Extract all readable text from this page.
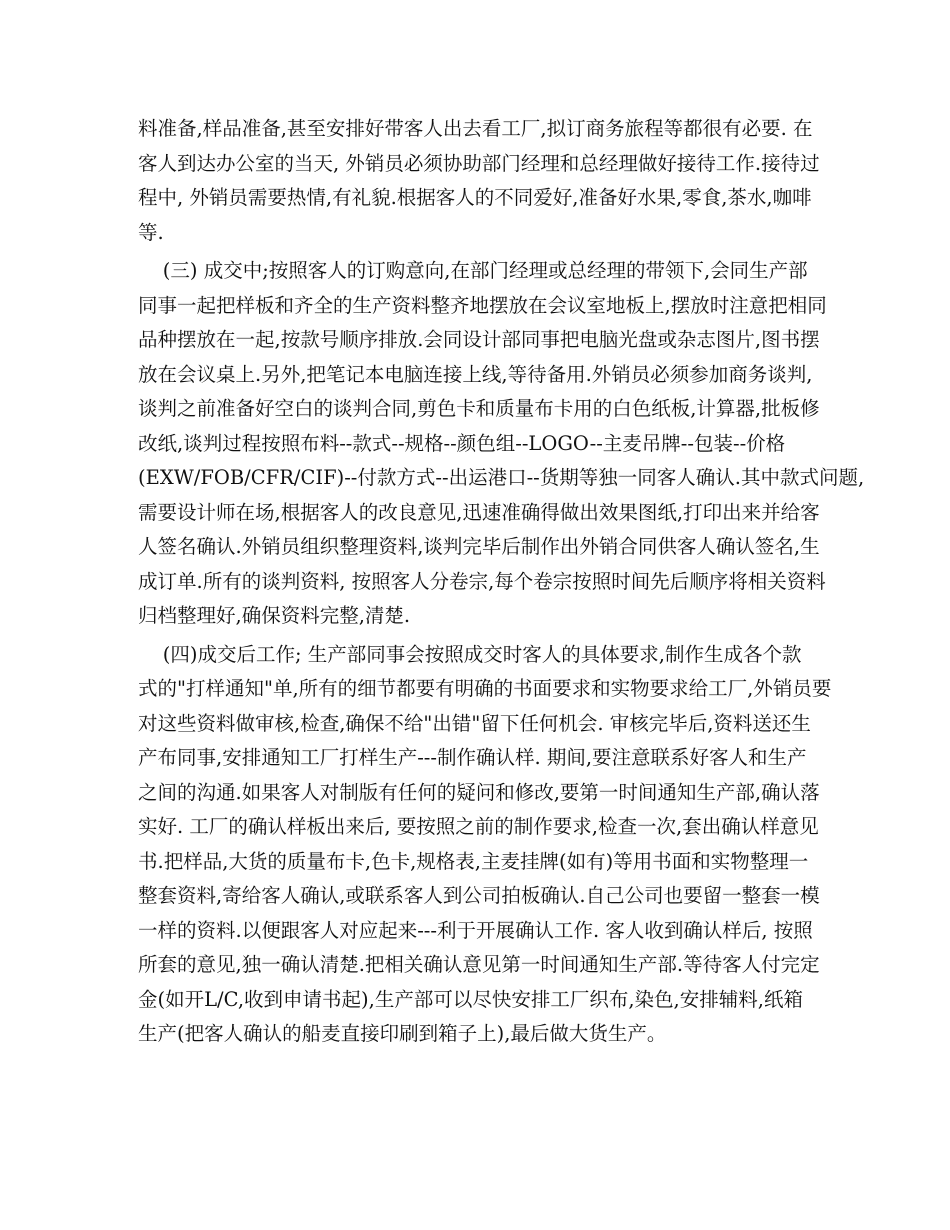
料准备,样品准备,甚至安排好带客人出去看工厂,拟订商务旅程等都很有必要. 在
客人到达办公室的当天, 外销员必须协助部门经理和总经理做好接待工作.接待过
程中, 外销员需要热情,有礼貌.根据客人的不同爱好,准备好水果,零食,茶水,咖啡
等.
(三) 成交中;按照客人的订购意向,在部门经理或总经理的带领下,会同生产部
同事一起把样板和齐全的生产资料整齐地摆放在会议室地板上,摆放时注意把相同
品种摆放在一起,按款号顺序排放.会同设计部同事把电脑光盘或杂志图片,图书摆
放在会议桌上.另外,把笔记本电脑连接上线,等待备用.外销员必须参加商务谈判,
谈判之前准备好空白的谈判合同,剪色卡和质量布卡用的白色纸板,计算器,批板修
改纸,谈判过程按照布料--款式--规格--颜色组--LOGO--主麦吊牌--包装--价格
(EXW/FOB/CFR/CIF)--付款方式--出运港口--货期等独一同客人确认.其中款式问题,
需要设计师在场,根据客人的改良意见,迅速准确得做出效果图纸,打印出来并给客
人签名确认.外销员组织整理资料,谈判完毕后制作出外销合同供客人确认签名,生
成订单.所有的谈判资料, 按照客人分卷宗,每个卷宗按照时间先后顺序将相关资料
归档整理好,确保资料完整,清楚.
(四)成交后工作; 生产部同事会按照成交时客人的具体要求,制作生成各个款
式的"打样通知"单,所有的细节都要有明确的书面要求和实物要求给工厂,外销员要
对这些资料做审核,检查,确保不给"出错"留下任何机会. 审核完毕后,资料送还生
产布同事,安排通知工厂打样生产---制作确认样. 期间,要注意联系好客人和生产
之间的沟通.如果客人对制版有任何的疑问和修改,要第一时间通知生产部,确认落
实好. 工厂的确认样板出来后, 要按照之前的制作要求,检查一次,套出确认样意见
书.把样品,大货的质量布卡,色卡,规格表,主麦挂牌(如有)等用书面和实物整理一
整套资料,寄给客人确认,或联系客人到公司拍板确认.自己公司也要留一整套一模
一样的资料.以便跟客人对应起来---利于开展确认工作. 客人收到确认样后, 按照
所套的意见,独一确认清楚.把相关确认意见第一时间通知生产部.等待客人付完定
金(如开L/C,收到申请书起),生产部可以尽快安排工厂织布,染色,安排辅料,纸箱
生产(把客人确认的船麦直接印刷到箱子上),最后做大货生产。
